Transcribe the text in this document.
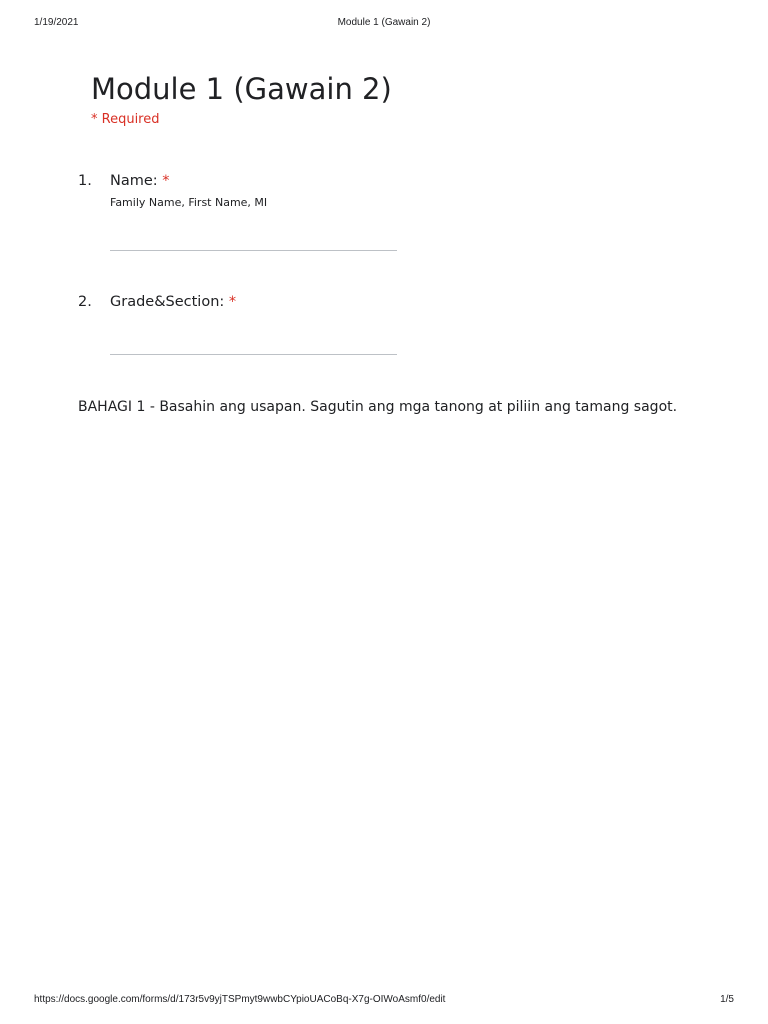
1/19/2021	Module 1 (Gawain 2)
Module 1 (Gawain 2)
* Required
1. Name: *
Family Name, First Name, MI
2. Grade&Section: *

BAHAGI 1 - Basahin ang usapan. Sagutin ang mga tanong at piliin ang tamang sagot.

https://docs.google.com/forms/d/173r5v9yjTSPmyt9wwbCYpioUACoBq-X7g-OIWoAsmf0/edit	1/5
